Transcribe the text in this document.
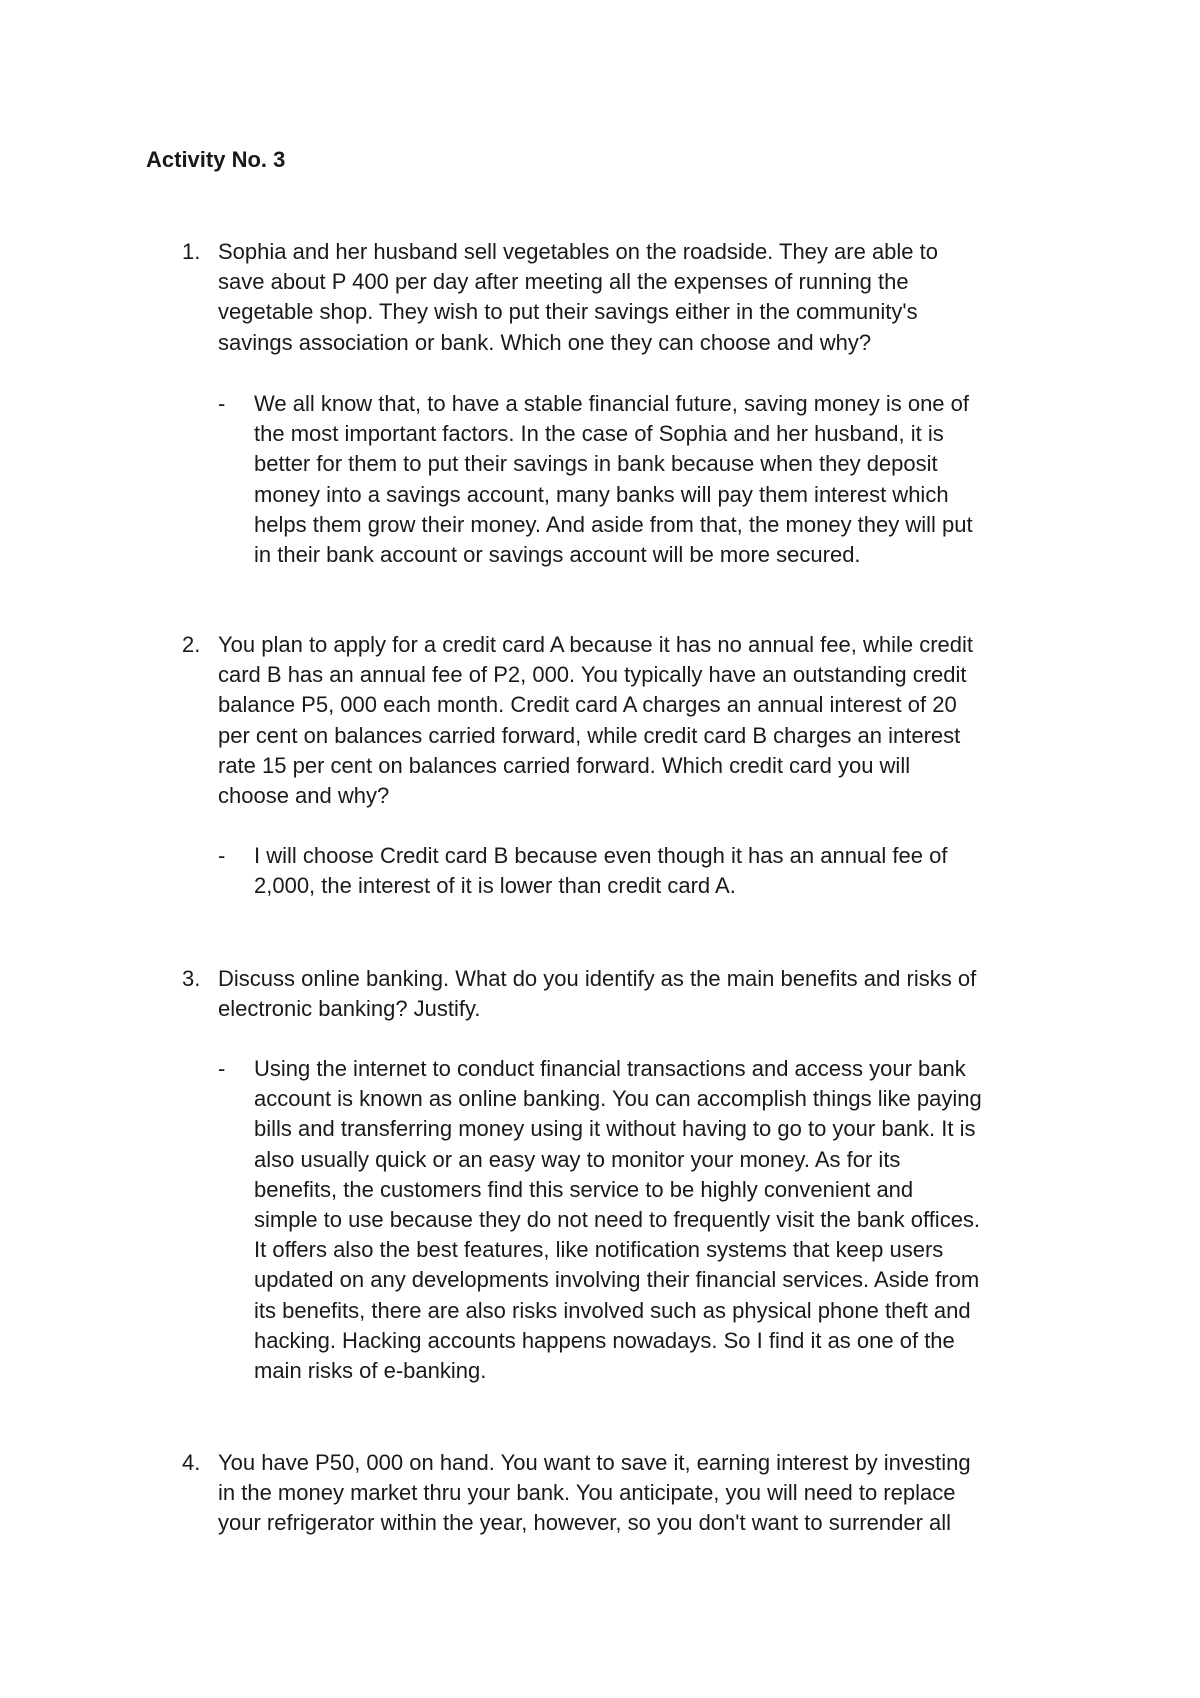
Activity No. 3
1. Sophia and her husband sell vegetables on the roadside. They are able to
save about P 400 per day after meeting all the expenses of running the
vegetable shop. They wish to put their savings either in the community's
savings association or bank. Which one they can choose and why?

- We all know that, to have a stable financial future, saving money is one of
the most important factors. In the case of Sophia and her husband, it is
better for them to put their savings in bank because when they deposit
money into a savings account, many banks will pay them interest which
helps them grow their money. And aside from that, the money they will put
in their bank account or savings account will be more secured.

2. You plan to apply for a credit card A because it has no annual fee, while credit
card B has an annual fee of P2, 000. You typically have an outstanding credit
balance P5, 000 each month. Credit card A charges an annual interest of 20
per cent on balances carried forward, while credit card B charges an interest
rate 15 per cent on balances carried forward. Which credit card you will
choose and why?

- I will choose Credit card B because even though it has an annual fee of
2,000, the interest of it is lower than credit card A.

3. Discuss online banking. What do you identify as the main benefits and risks of
electronic banking? Justify.

- Using the internet to conduct financial transactions and access your bank
account is known as online banking. You can accomplish things like paying
bills and transferring money using it without having to go to your bank. It is
also usually quick or an easy way to monitor your money. As for its
benefits, the customers find this service to be highly convenient and
simple to use because they do not need to frequently visit the bank offices.
It offers also the best features, like notification systems that keep users
updated on any developments involving their financial services. Aside from
its benefits, there are also risks involved such as physical phone theft and
hacking. Hacking accounts happens nowadays. So I find it as one of the
main risks of e-banking.

4. You have P50, 000 on hand. You want to save it, earning interest by investing
in the money market thru your bank. You anticipate, you will need to replace
your refrigerator within the year, however, so you don't want to surrender all
